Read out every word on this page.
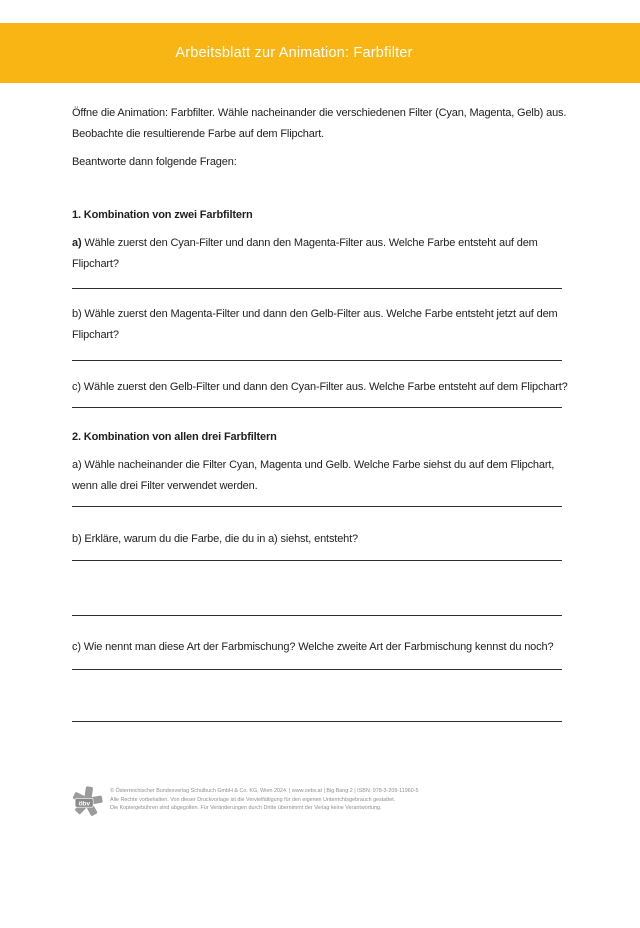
Arbeitsblatt zur Animation: Farbfilter

Öffne die Animation: Farbfilter. Wähle nacheinander die verschiedenen Filter (Cyan, Magenta, Gelb) aus. Beobachte die resultierende Farbe auf dem Flipchart.

Beantworte dann folgende Fragen:

1. Kombination von zwei Farbfiltern

a) Wähle zuerst den Cyan-Filter und dann den Magenta-Filter aus. Welche Farbe entsteht auf dem Flipchart?

b) Wähle zuerst den Magenta-Filter und dann den Gelb-Filter aus. Welche Farbe entsteht jetzt auf dem Flipchart?

c) Wähle zuerst den Gelb-Filter und dann den Cyan-Filter aus. Welche Farbe entsteht auf dem Flipchart?

2. Kombination von allen drei Farbfiltern

a) Wähle nacheinander die Filter Cyan, Magenta und Gelb. Welche Farbe siehst du auf dem Flipchart, wenn alle drei Filter verwendet werden.

b) Erkläre, warum du die Farbe, die du in a) siehst, entsteht?

c) Wie nennt man diese Art der Farbmischung? Welche zweite Art der Farbmischung kennst du noch?

öbv
© Österreichischer Bundesverlag Schulbuch GmbH & Co. KG, Wien 2024. | www.oebv.at | Big Bang 2 | ISBN: 978-3-209-11960-5
Alle Rechte vorbehalten. Von dieser Druckvorlage ist die Vervielfältigung für den eigenen Unterrichtsgebrauch gestattet.
Die Kopiergebühren sind abgegolten. Für Veränderungen durch Dritte übernimmt der Verlag keine Verantwortung.
